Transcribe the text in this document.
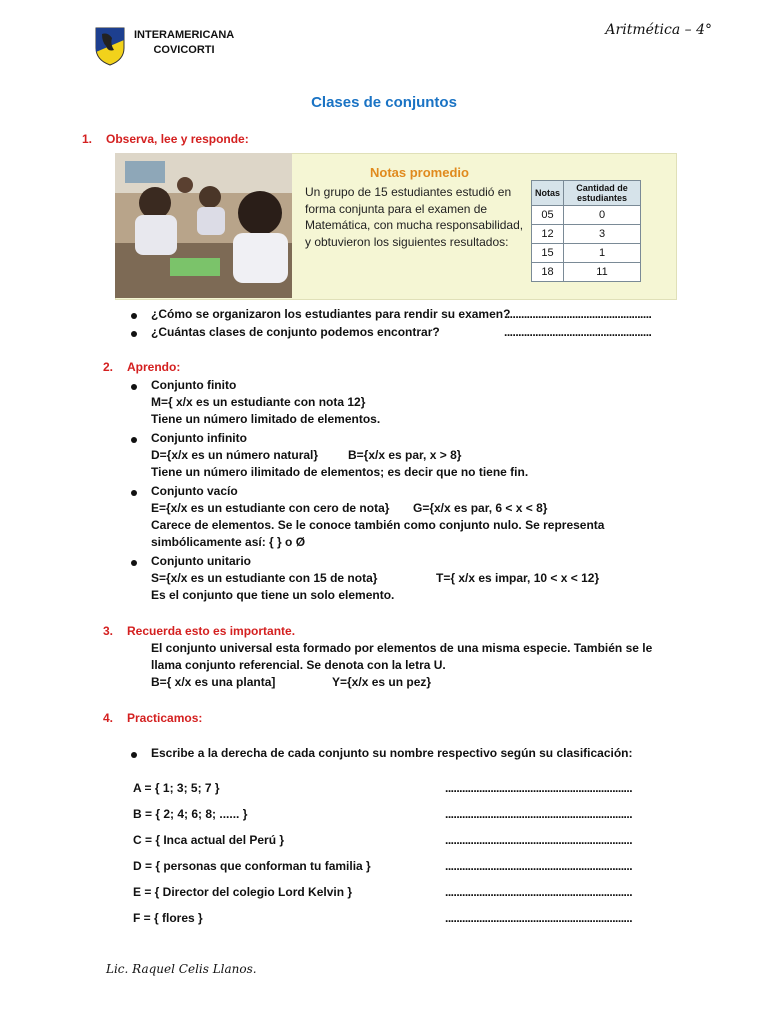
INTERAMERICANA
COVICORTI
Aritmética – 4°
Clases de conjuntos
1. Observa, lee y responde:
Notas promedio
Un grupo de 15 estudiantes estudió en forma conjunta para el examen de Matemática, con mucha responsabilidad, y obtuvieron los siguientes resultados:
Notas	Cantidad de estudiantes
05	0
12	3
15	1
18	11
¿Cómo se organizaron los estudiantes para rendir su examen?
....................................................
¿Cuántas clases de conjunto podemos encontrar?	....................................................
2. Aprendo:
Conjunto finito
M={ x/x es un estudiante con nota 12}
Tiene un número limitado de elementos.
Conjunto infinito
D={x/x es un número natural} B={x/x es par, x > 8}
Tiene un número ilimitado de elementos; es decir que no tiene fin.
Conjunto vacío
E={x/x es un estudiante con cero de nota} G={x/x es par, 6 < x < 8}
Carece de elementos. Se le conoce también como conjunto nulo. Se representa
simbólicamente así: { } o Ø
Conjunto unitario
S={x/x es un estudiante con 15 de nota}	T={ x/x es impar, 10 < x < 12}
Es el conjunto que tiene un solo elemento.
3. Recuerda esto es importante.
El conjunto universal esta formado por elementos de una misma especie. También se le
llama conjunto referencial. Se denota con la letra U.
B={ x/x es una planta]	Y={x/x es un pez}
4. Practicamos:
Escribe a la derecha de cada conjunto su nombre respectivo según su clasificación:
A = { 1; 3; 5; 7 }	..................................................................
B = { 2; 4; 6; 8; ...... }	..................................................................
C = { Inca actual del Perú }	..................................................................
D = { personas que conforman tu familia }	..................................................................
E = { Director del colegio Lord Kelvin }	..................................................................
F = { flores }	..................................................................
Lic. Raquel Celis Llanos.
